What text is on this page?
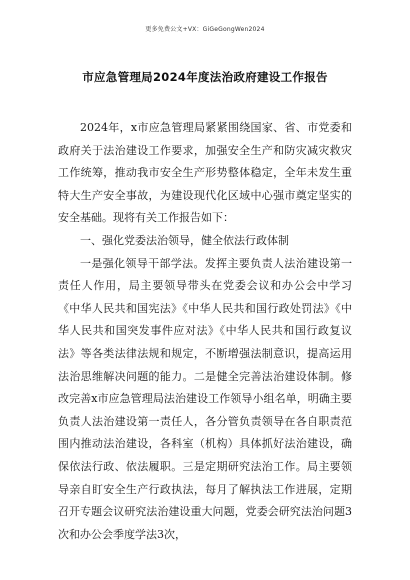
更多免费公文+VX：GiGeGongWen2024
市应急管理局2024年度法治政府建设工作报告

2024年，x市应急管理局紧紧围绕国家、省、市党委和政府关于法治建设工作要求，加强安全生产和防灾减灾救灾工作统筹，推动我市安全生产形势整体稳定，全年未发生重特大生产安全事故，为建设现代化区域中心强市奠定坚实的安全基础。现将有关工作报告如下：

一、强化党委法治领导，健全依法行政体制

一是强化领导干部学法。发挥主要负责人法治建设第一责任人作用，局主要领导带头在党委会议和办公会中学习《中华人民共和国宪法》《中华人民共和国行政处罚法》《中华人民共和国突发事件应对法》《中华人民共和国行政复议法》等各类法律法规和规定，不断增强法制意识，提高运用法治思维解决问题的能力。二是健全完善法治建设体制。修改完善x市应急管理局法治建设工作领导小组名单，明确主要负责人法治建设第一责任人，各分管负责领导在各自职责范围内推动法治建设，各科室（机构）具体抓好法治建设，确保依法行政、依法履职。三是定期研究法治工作。局主要领导亲自盯安全生产行政执法，每月了解执法工作进展，定期召开专题会议研究法治建设重大问题，党委会研究法治问题3次和办公会季度学法3次，
